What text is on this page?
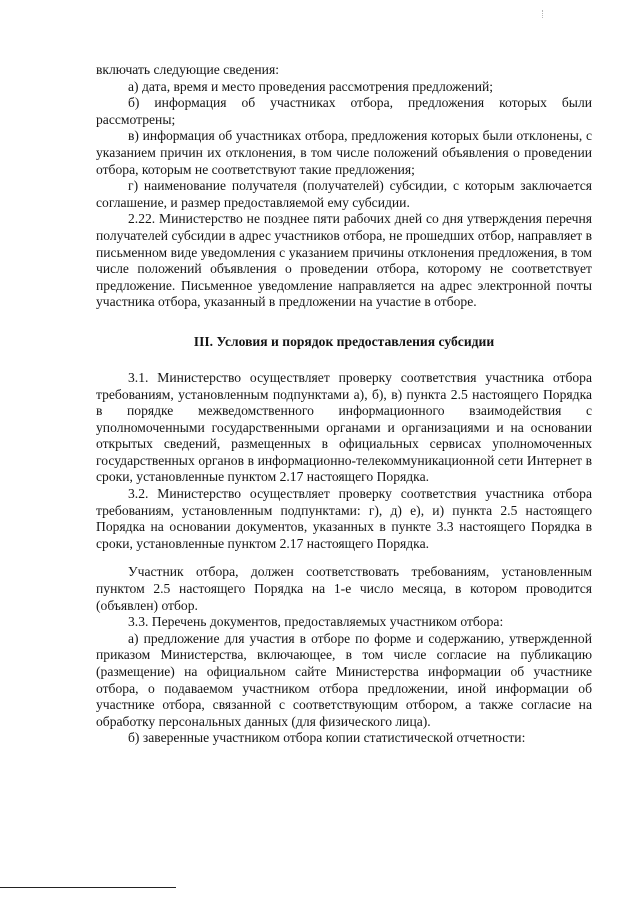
включать следующие сведения:

а) дата, время и место проведения рассмотрения предложений;

б) информация об участниках отбора, предложения которых были рассмотрены;

в) информация об участниках отбора, предложения которых были отклонены, с указанием причин их отклонения, в том числе положений объявления о проведении отбора, которым не соответствуют такие предложения;

г) наименование получателя (получателей) субсидии, с которым заключается соглашение, и размер предоставляемой ему субсидии.

2.22. Министерство не позднее пяти рабочих дней со дня утверждения перечня получателей субсидии в адрес участников отбора, не прошедших отбор, направляет в письменном виде уведомления с указанием причины отклонения предложения, в том числе положений объявления о проведении отбора, которому не соответствует предложение. Письменное уведомление направляется на адрес электронной почты участника отбора, указанный в предложении на участие в отборе.

III. Условия и порядок предоставления субсидии

3.1. Министерство осуществляет проверку соответствия участника отбора требованиям, установленным подпунктами а), б), в) пункта 2.5 настоящего Порядка в порядке межведомственного информационного взаимодействия с уполномоченными государственными органами и организациями и на основании открытых сведений, размещенных в официальных сервисах уполномоченных государственных органов в информационно-телекоммуникационной сети Интернет в сроки, установленные пунктом 2.17 настоящего Порядка.

3.2. Министерство осуществляет проверку соответствия участника отбора требованиям, установленным подпунктами: г), д) е), и) пункта 2.5 настоящего Порядка на основании документов, указанных в пункте 3.3 настоящего Порядка в сроки, установленные пунктом 2.17 настоящего Порядка.

Участник отбора, должен соответствовать требованиям, установленным пунктом 2.5 настоящего Порядка на 1-е число месяца, в котором проводится (объявлен) отбор.

3.3. Перечень документов, предоставляемых участником отбора:

а) предложение для участия в отборе по форме и содержанию, утвержденной приказом Министерства, включающее, в том числе согласие на публикацию (размещение) на официальном сайте Министерства информации об участнике отбора, о подаваемом участником отбора предложении, иной информации об участнике отбора, связанной с соответствующим отбором, а также согласие на обработку персональных данных (для физического лица).

б) заверенные участником отбора копии статистической отчетности:
